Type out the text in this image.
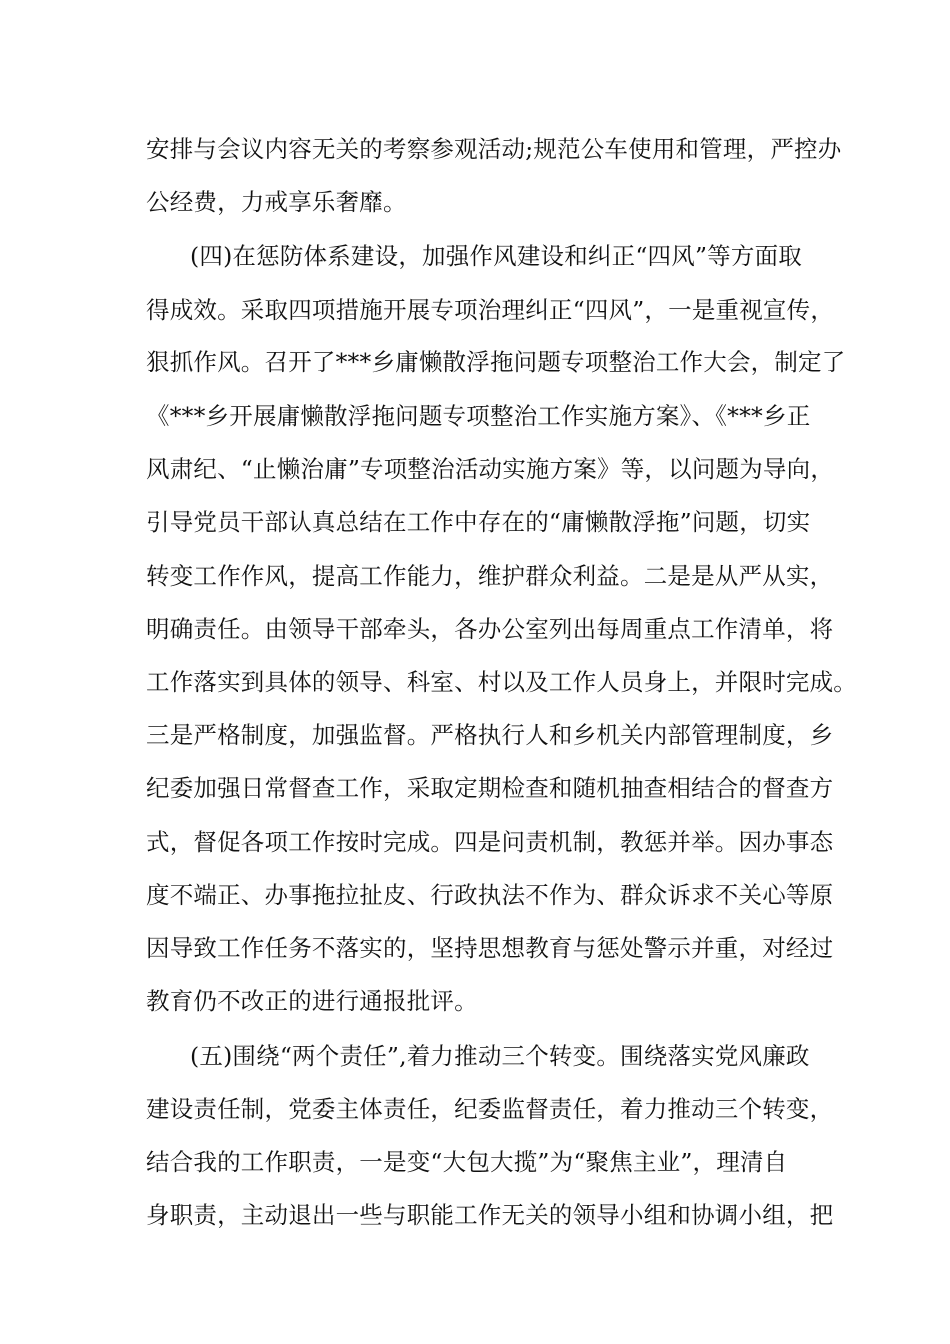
安排与会议内容无关的考察参观活动;规范公车使用和管理，严控办
公经费，力戒享乐奢靡。
(四)在惩防体系建设，加强作风建设和纠正“四风”等方面取
得成效。采取四项措施开展专项治理纠正“四风”，一是重视宣传，
狠抓作风。召开了***乡庸懒散浮拖问题专项整治工作大会，制定了
《***乡开展庸懒散浮拖问题专项整治工作实施方案》、《***乡正
风肃纪、“止懒治庸”专项整治活动实施方案》等，以问题为导向，
引导党员干部认真总结在工作中存在的“庸懒散浮拖”问题，切实
转变工作作风，提高工作能力，维护群众利益。二是是从严从实，
明确责任。由领导干部牵头，各办公室列出每周重点工作清单，将
工作落实到具体的领导、科室、村以及工作人员身上，并限时完成。
三是严格制度，加强监督。严格执行人和乡机关内部管理制度，乡
纪委加强日常督查工作，采取定期检查和随机抽查相结合的督查方
式，督促各项工作按时完成。四是问责机制，教惩并举。因办事态
度不端正、办事拖拉扯皮、行政执法不作为、群众诉求不关心等原
因导致工作任务不落实的，坚持思想教育与惩处警示并重，对经过
教育仍不改正的进行通报批评。
(五)围绕“两个责任”,着力推动三个转变。围绕落实党风廉政
建设责任制，党委主体责任，纪委监督责任，着力推动三个转变，
结合我的工作职责，一是变“大包大揽”为“聚焦主业”，理清自
身职责，主动退出一些与职能工作无关的领导小组和协调小组，把
